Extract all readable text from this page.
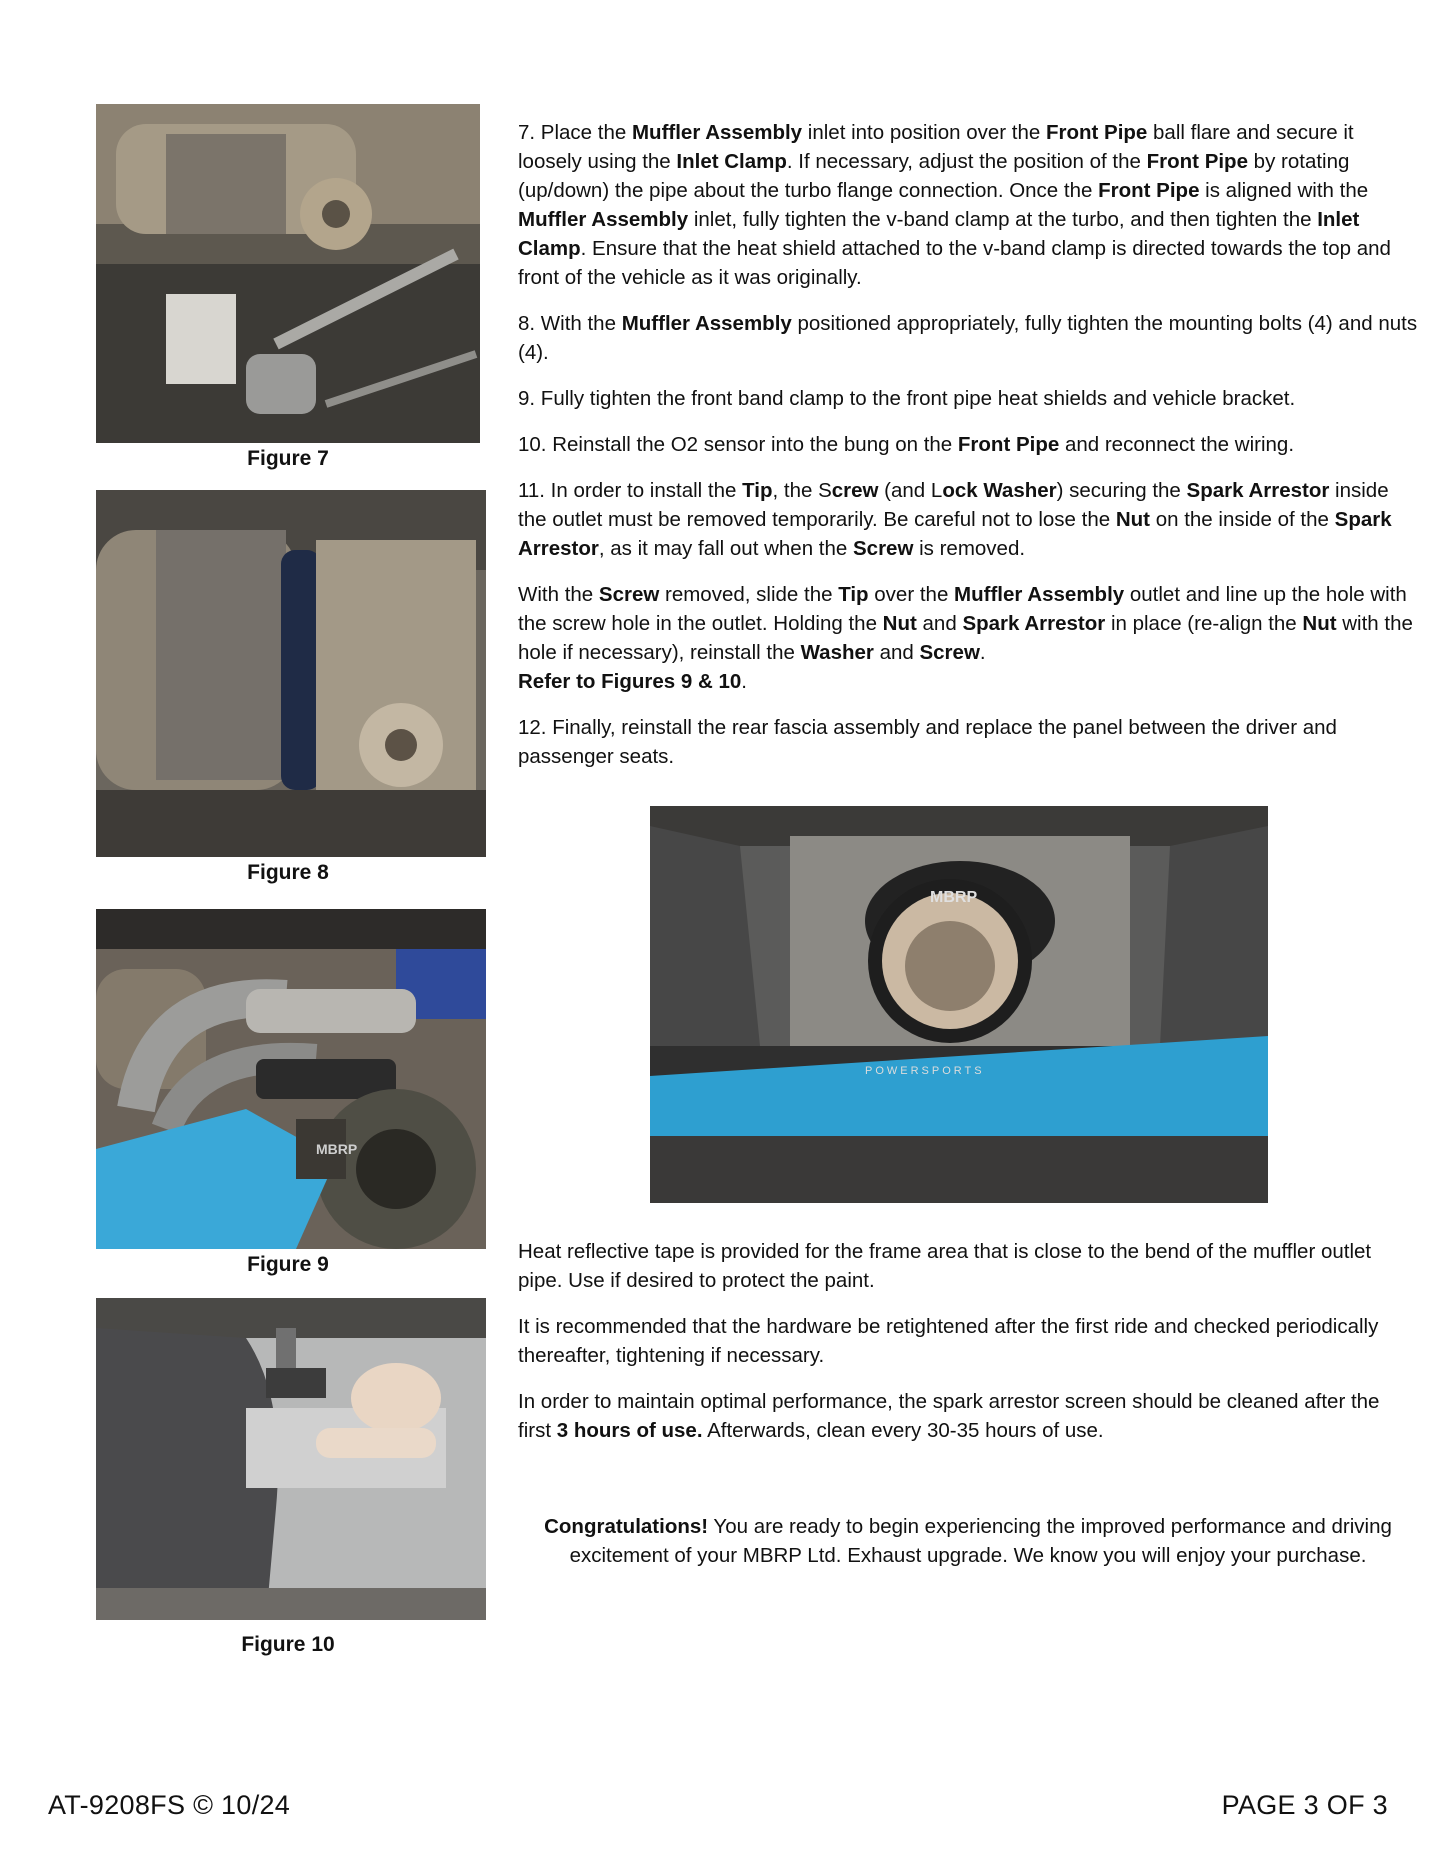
Figure 7
Figure 8
MBRP
Figure 9
Figure 10

7. Place the Muffler Assembly inlet into position over the Front Pipe ball flare and secure it loosely using the Inlet Clamp. If necessary, adjust the position of the Front Pipe by rotating (up/down) the pipe about the turbo flange connection. Once the Front Pipe is aligned with the Muffler Assembly inlet, fully tighten the v-band clamp at the turbo, and then tighten the Inlet Clamp. Ensure that the heat shield attached to the v-band clamp is directed towards the top and front of the vehicle as it was originally.

8. With the Muffler Assembly positioned appropriately, fully tighten the mounting bolts (4) and nuts (4).

9. Fully tighten the front band clamp to the front pipe heat shields and vehicle bracket.

10. Reinstall the O2 sensor into the bung on the Front Pipe and reconnect the wiring.

11. In order to install the Tip, the Screw (and Lock Washer) securing the Spark Arrestor inside the outlet must be removed temporarily. Be careful not to lose the Nut on the inside of the Spark Arrestor, as it may fall out when the Screw is removed.

With the Screw removed, slide the Tip over the Muffler Assembly outlet and line up the hole with the screw hole in the outlet. Holding the Nut and Spark Arrestor in place (re-align the Nut with the hole if necessary), reinstall the Washer and Screw.
Refer to Figures 9 & 10.

12. Finally, reinstall the rear fascia assembly and replace the panel between the driver and passenger seats.

MBRP
POWERSPORTS

Heat reflective tape is provided for the frame area that is close to the bend of the muffler outlet pipe. Use if desired to protect the paint.

It is recommended that the hardware be retightened after the first ride and checked periodically thereafter, tightening if necessary.

In order to maintain optimal performance, the spark arrestor screen should be cleaned after the first 3 hours of use. Afterwards, clean every 30-35 hours of use.

Congratulations! You are ready to begin experiencing the improved performance and driving excitement of your MBRP Ltd. Exhaust upgrade. We know you will enjoy your purchase.
AT-9208FS © 10/24	PAGE 3 OF 3
